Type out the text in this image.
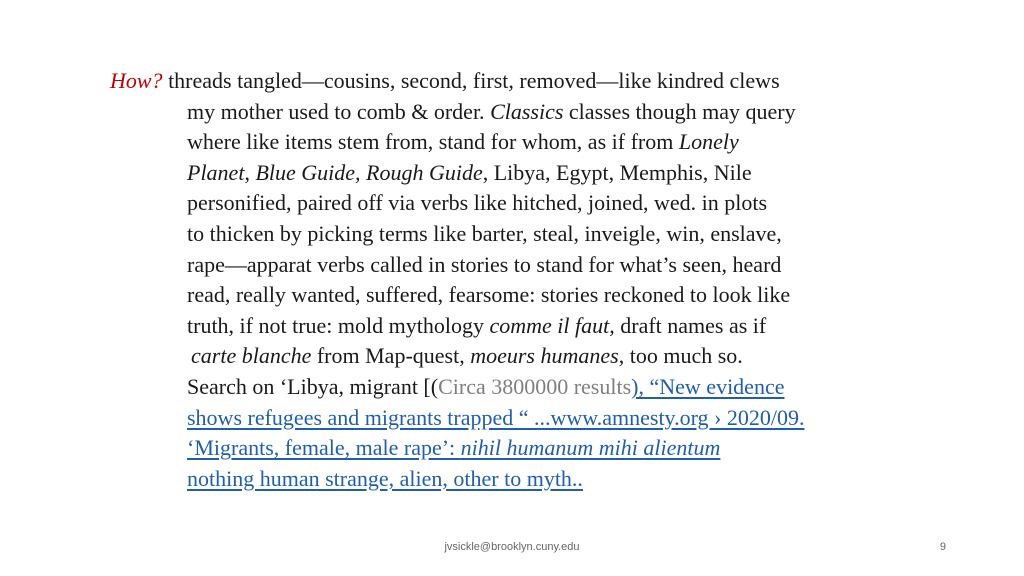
How? threads tangled—cousins, second, first, removed—like kindred clews
my mother used to comb & order. Classics classes though may query
where like items stem from, stand for whom, as if from Lonely
Planet, Blue Guide, Rough Guide, Libya, Egypt, Memphis, Nile
personified, paired off via verbs like hitched, joined, wed. in plots
to thicken by picking terms like barter, steal, inveigle, win, enslave,
rape—apparat verbs called in stories to stand for what’s seen, heard
read, really wanted, suffered, fearsome: stories reckoned to look like
truth, if not true: mold mythology comme il faut, draft names as if
carte blanche from Map-quest, moeurs humanes, too much so.
Search on ‘Libya, migrant [(Circa 3800000 results), “New evidence
shows refugees and migrants trapped “ ...www.amnesty.org › 2020/09.
‘Migrants, female, male rape’: nihil humanum mihi alientum
nothing human strange, alien, other to myth..
jvsickle@brooklyn.cuny.edu	9
